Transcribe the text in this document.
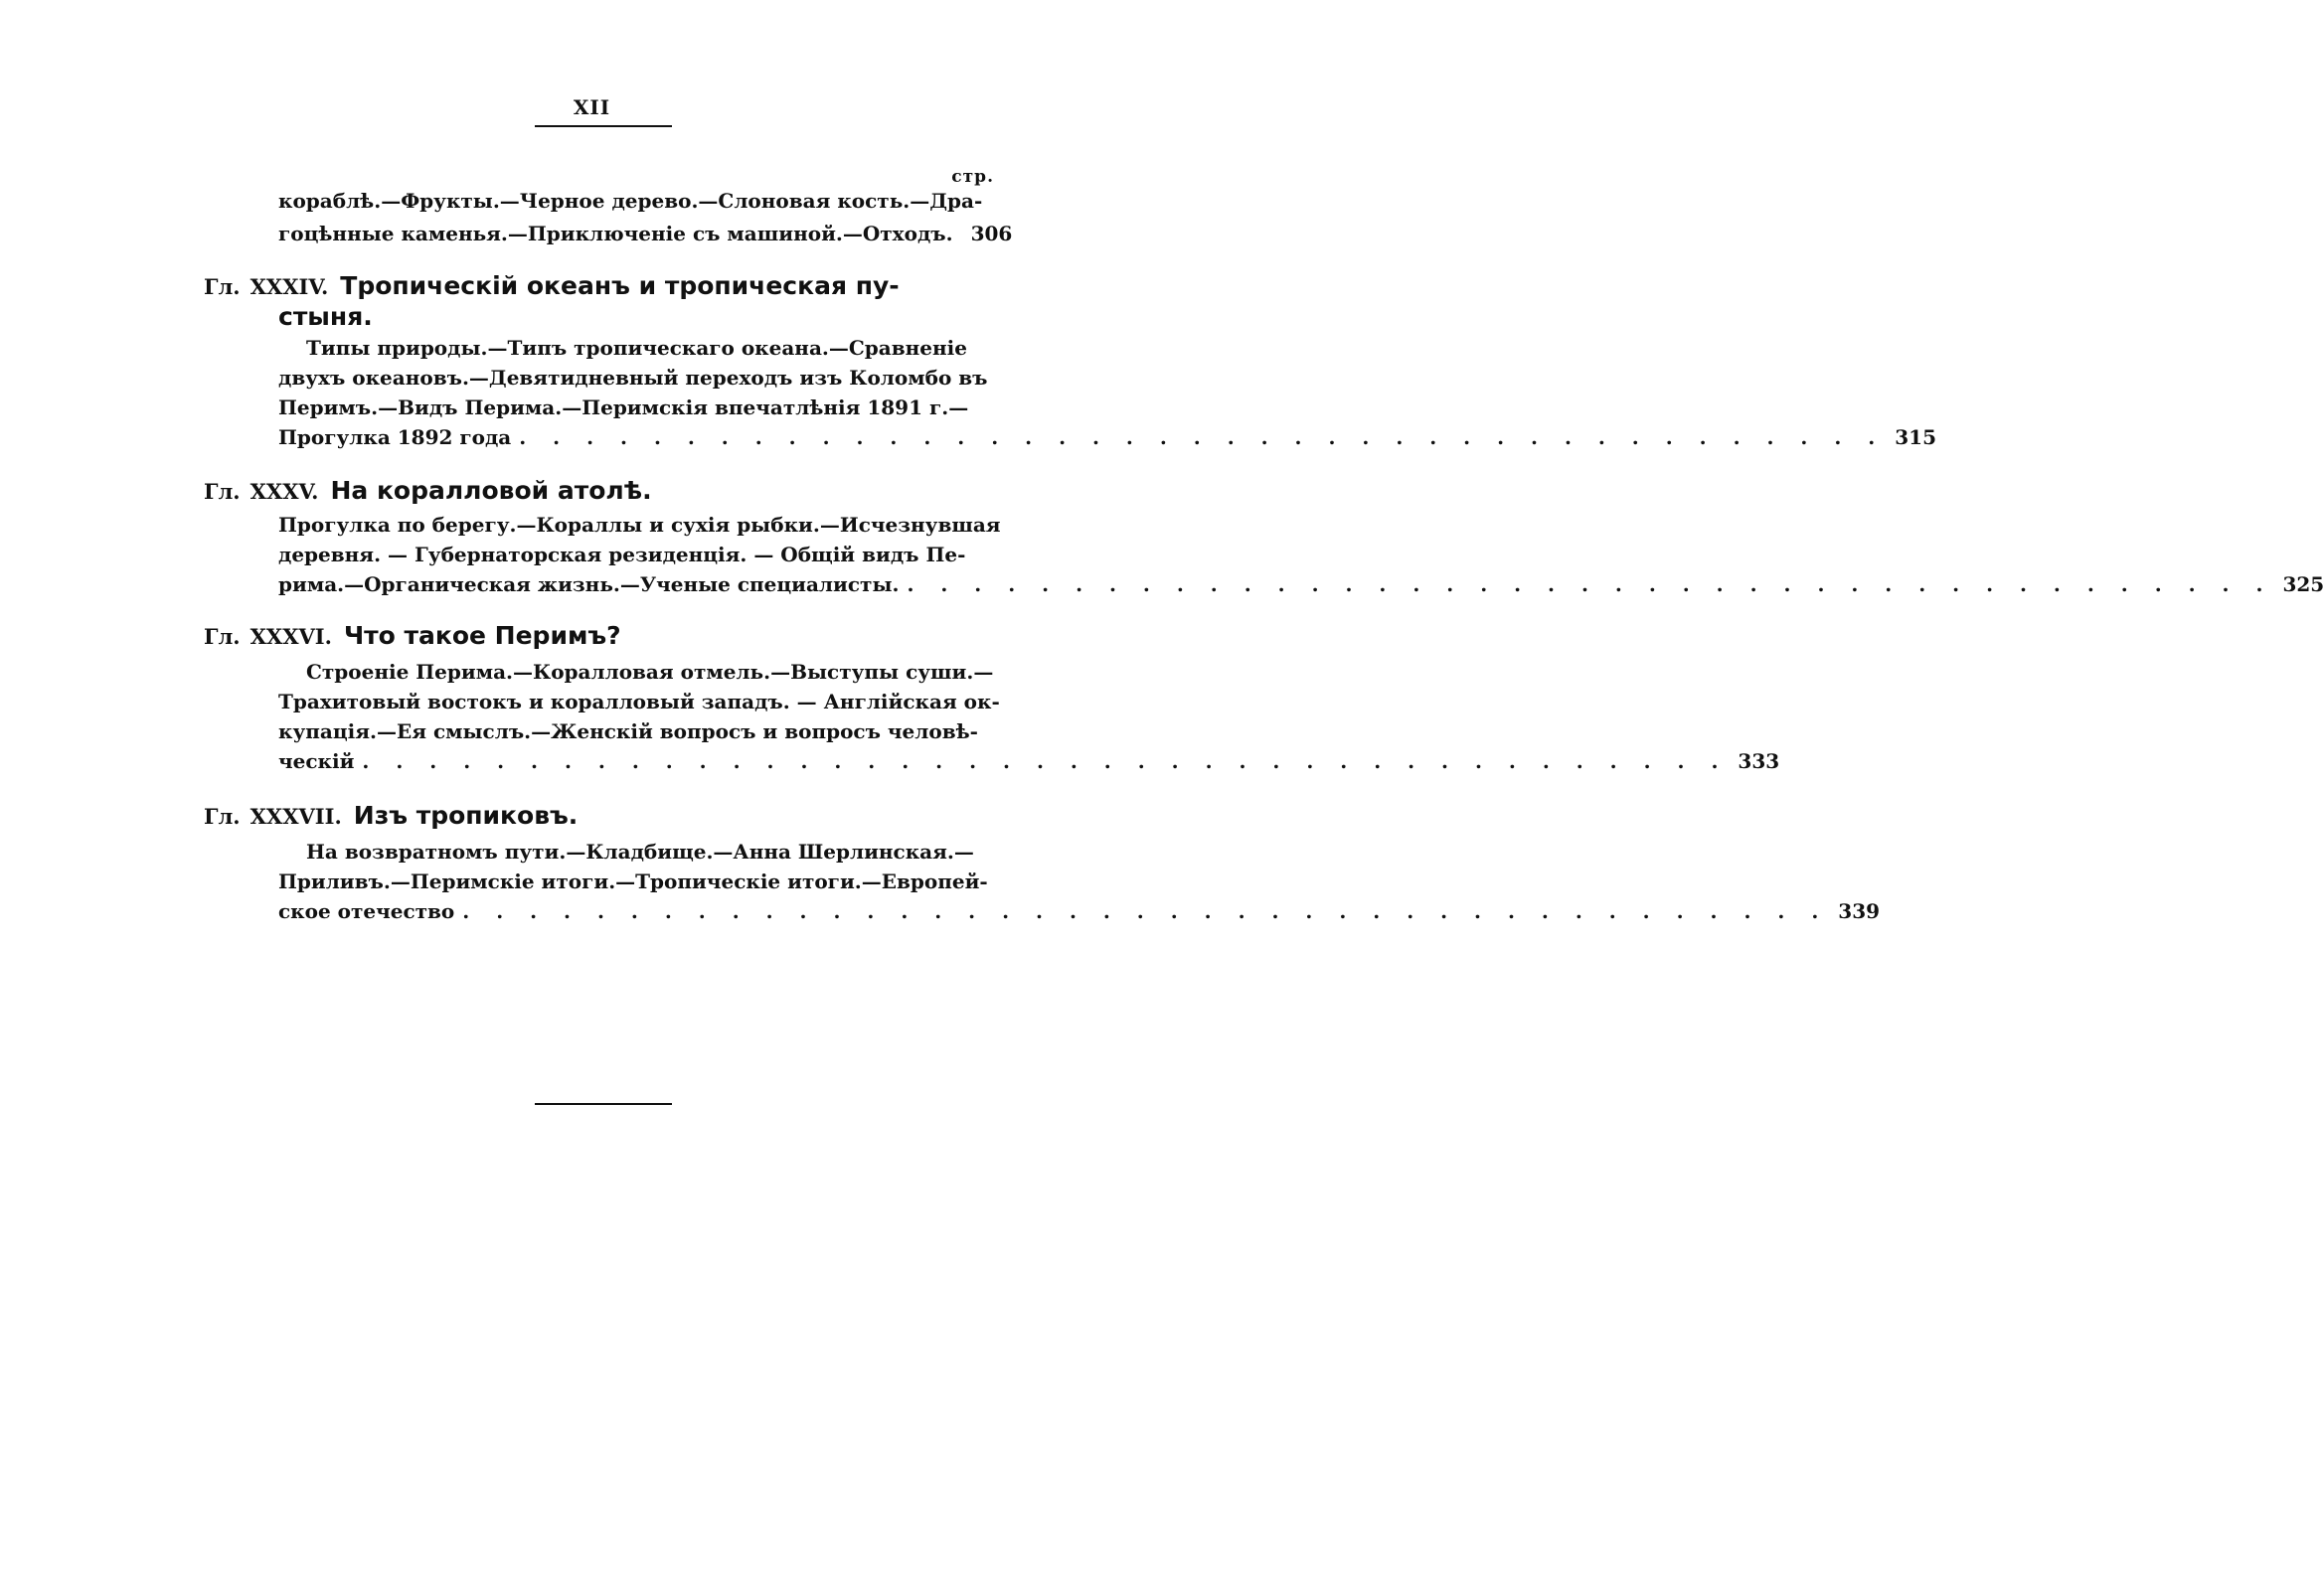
XII
стр.
кораблѣ.—Фрукты.—Черное дерево.—Слоновая кость.—Дра-
гоцѣнные каменья.—Приключенiе съ машиной.—Отходъ. 306
Гл. XXXIV. Тропическiй океанъ и тропическая пу-
стыня.
Типы природы.—Типъ тропическаго океана.—Сравненiе
двухъ океановъ.—Девятидневный переходъ изъ Коломбо въ
Перимъ.—Видъ Перима.—Перимскiя впечатлѣнiя 1891 г.—
Прогулка 1892 года . . . . . . . . . . . . . . . . . . . . . . . . . . . . . . . . . . . . . . . . . 315
Гл. XXXV. На коралловой атолѣ.
Прогулка по берегу.—Кораллы и сухiя рыбки.—Исчезнувшая
деревня. — Губернаторская резиденцiя. — Общiй видъ Пе-
рима.—Органическая жизнь.—Ученые специалисты. . . . . . . . . . . . . . . . . . . . . . . . . . . . . . . . . . . . . . . . . . 325
Гл. XXXVI. Что такое Перимъ?
Строенiе Перима.—Коралловая отмель.—Выступы суши.—
Трахитовый востокъ и коралловый западъ. — Англiйская ок-
купацiя.—Ея смыслъ.—Женскiй вопросъ и вопросъ человѣ-
ческiй . . . . . . . . . . . . . . . . . . . . . . . . . . . . . . . . . . . . . . . . . 333
Гл. XXXVII. Изъ тропиковъ.
На возвратномъ пути.—Кладбище.—Анна Шерлинская.—
Приливъ.—Перимскiе итоги.—Тропическiе итоги.—Европей-
ское отечество . . . . . . . . . . . . . . . . . . . . . . . . . . . . . . . . . . . . . . . . . 339
